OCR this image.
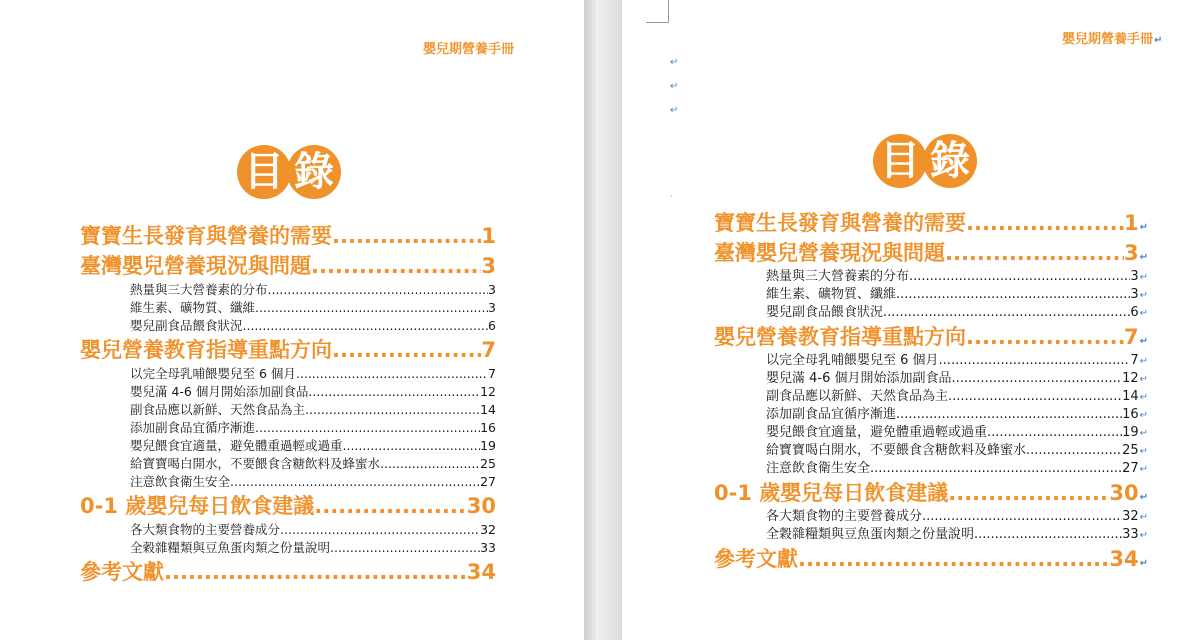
嬰兒期營養手冊
目 錄
寶寶生長發育與營養的需要 .....	1
臺灣嬰兒營養現況與問題 .....	3
熱量與三大營養素的分布 .....	3
維生素、礦物質、纖維 .....	3
嬰兒副食品餵食狀況 .....	6
嬰兒營養教育指導重點方向 .....	7
以完全母乳哺餵嬰兒至 6 個月 .....	7
嬰兒滿 4-6 個月開始添加副食品 .....	12
副食品應以新鮮、天然食品為主 .....	14
添加副食品宜循序漸進 .....	16
嬰兒餵食宜適量，避免體重過輕或過重 .....	19
給寶寶喝白開水，不要餵食含糖飲料及蜂蜜水 .....	25
注意飲食衛生安全 .....	27
0-1 歲嬰兒每日飲食建議 .....	30
各大類食物的主要營養成分 .....	32
全穀雜糧類與豆魚蛋肉類之份量說明 .....	33
參考文獻 .....	34
嬰兒期營養手冊↵
↵
↵
↵
·
目 錄
寶寶生長發育與營養的需要 .....	1 ↵
臺灣嬰兒營養現況與問題 .....	3 ↵
熱量與三大營養素的分布 .....	3 ↵
維生素、礦物質、纖維 .....	3 ↵
嬰兒副食品餵食狀況 .....	6 ↵
嬰兒營養教育指導重點方向 .....	7 ↵
以完全母乳哺餵嬰兒至 6 個月 .....	7 ↵
嬰兒滿 4-6 個月開始添加副食品 .....	12 ↵
副食品應以新鮮、天然食品為主 .....	14 ↵
添加副食品宜循序漸進 .....	16 ↵
嬰兒餵食宜適量，避免體重過輕或過重 .....	19 ↵
給寶寶喝白開水，不要餵食含糖飲料及蜂蜜水 .....	25 ↵
注意飲食衛生安全 .....	27 ↵
0-1 歲嬰兒每日飲食建議 .....	30 ↵
各大類食物的主要營養成分 .....	32 ↵
全穀雜糧類與豆魚蛋肉類之份量說明 .....	33 ↵
參考文獻 .....	34 ↵
